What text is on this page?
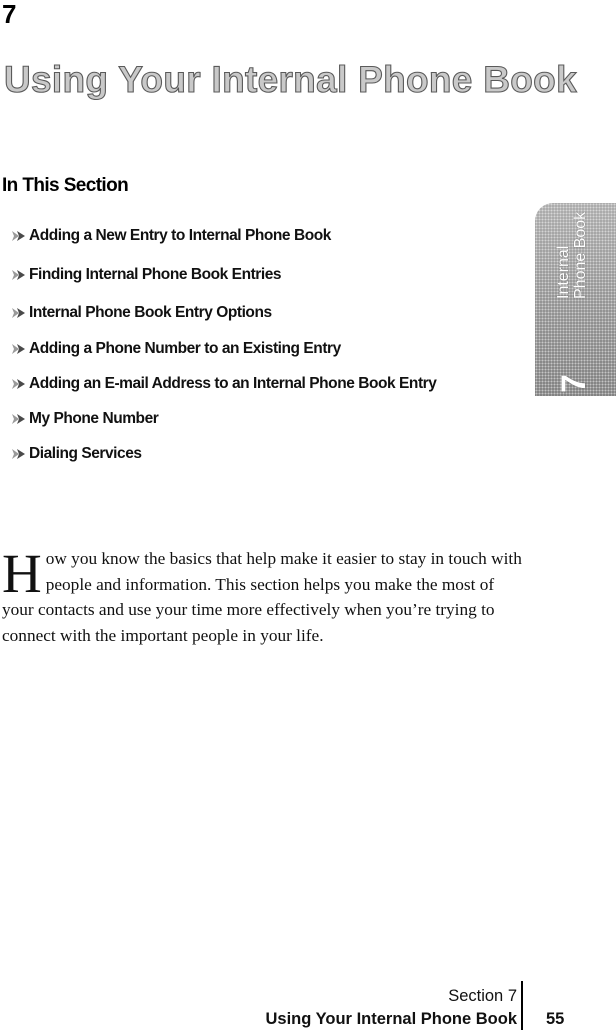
7
Using Your Internal Phone Book
In This Section
Adding a New Entry to Internal Phone Book
Finding Internal Phone Book Entries
Internal Phone Book Entry Options
Adding a Phone Number to an Existing Entry
Adding an E-mail Address to an Internal Phone Book Entry
My Phone Number
Dialing Services
Internal
Phone Book
7

How you know the basics that help make it easier to stay in touch with people and information. This section helps you make the most of your contacts and use your time more effectively when you’re trying to connect with the important people in your life.

Section 7
Using Your Internal Phone Book 55
